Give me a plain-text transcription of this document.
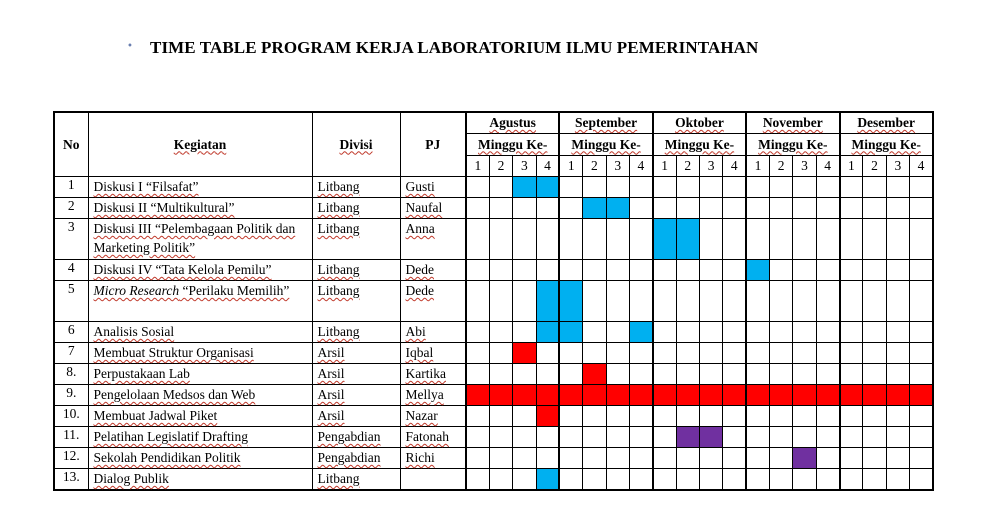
• TIME TABLE PROGRAM KERJA LABORATORIUM ILMU PEMERINTAHAN
No	Kegiatan	Divisi	PJ	Agustus				September				Oktober				November				Desember			
				Minggu Ke-				Minggu Ke-				Minggu Ke-				Minggu Ke-				Minggu Ke-			
				1	2	3	4	1	2	3	4	1	2	3	4	1	2	3	4	1	2	3	4
1	Diskusi I “Filsafat”	Litbang	Gusti																				
2	Diskusi II “Multikultural”	Litbang	Naufal																				
3	Diskusi III “Pelembagaan Politik dan Marketing Politik”	Litbang	Anna																				
4	Diskusi IV “Tata Kelola Pemilu”	Litbang	Dede																				
5	Micro Research “Perilaku Memilih”	Litbang	Dede																				
6	Analisis Sosial	Litbang	Abi																				
7	Membuat Struktur Organisasi	Arsil	Iqbal																				
8.	Perpustakaan Lab	Arsil	Kartika																				
9.	Pengelolaan Medsos dan Web	Arsil	Mellya																				
10.	Membuat Jadwal Piket	Arsil	Nazar																				
11.	Pelatihan Legislatif Drafting	Pengabdian	Fatonah																				
12.	Sekolah Pendidikan Politik	Pengabdian	Richi																				
13.	Dialog Publik	Litbang																					
